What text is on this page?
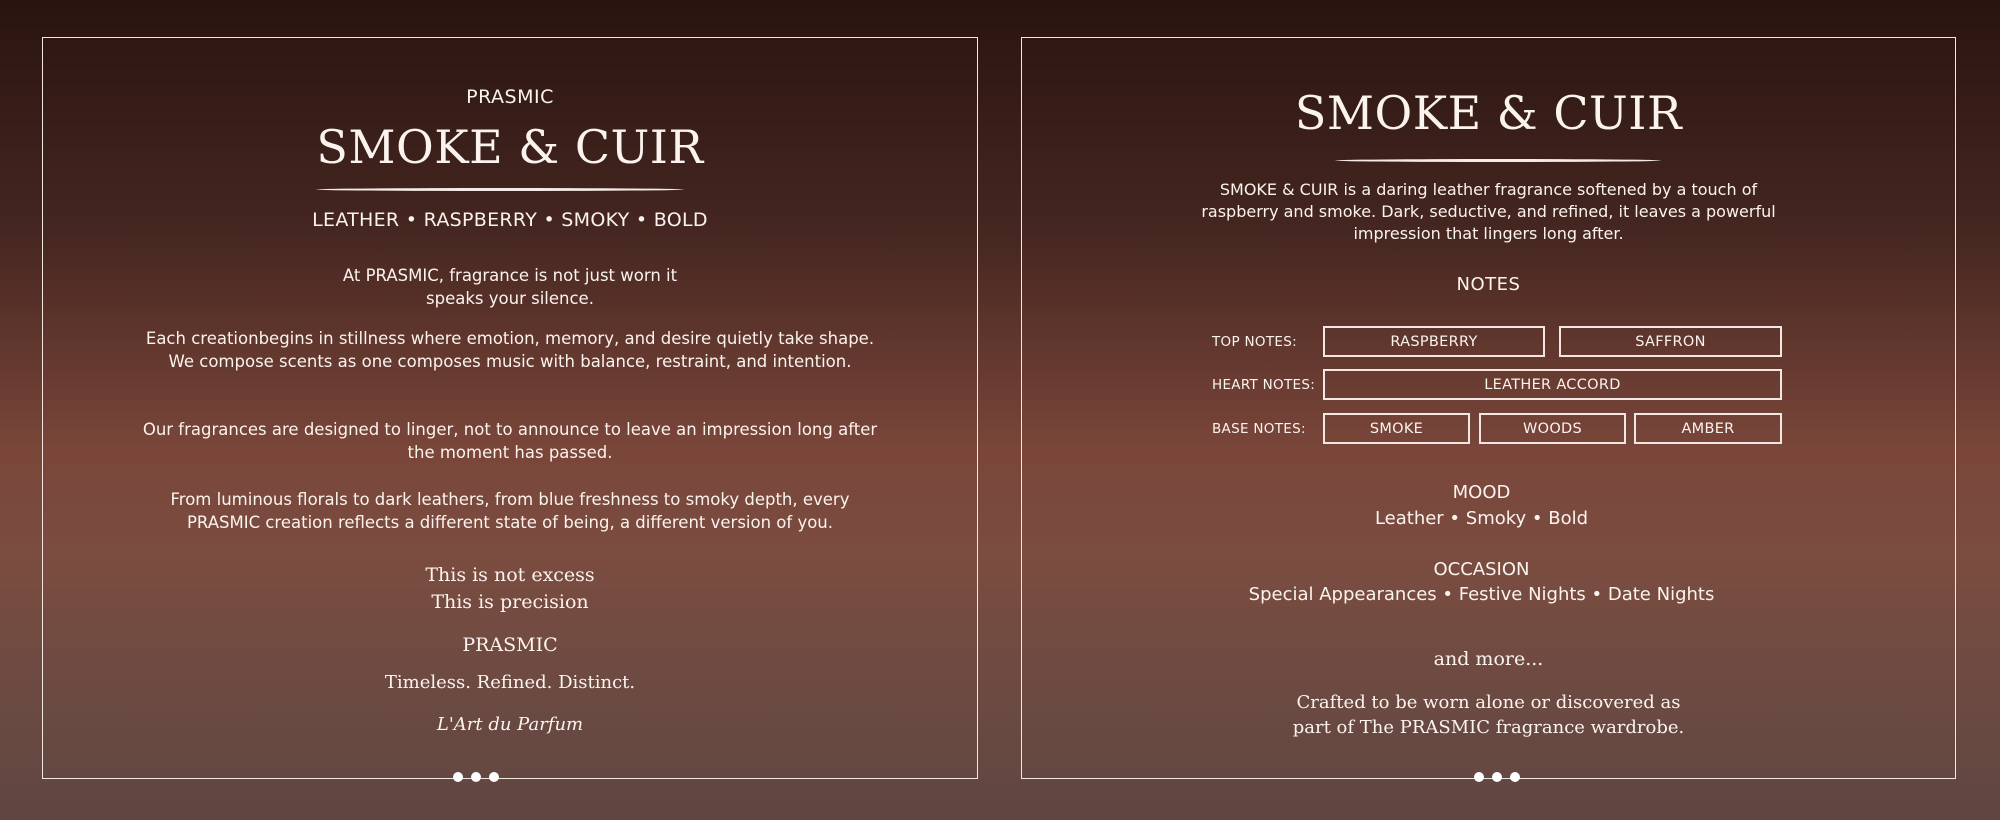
PRASMIC
SMOKE & CUIR
LEATHER • RASPBERRY • SMOKY • BOLD
At PRASMIC, fragrance is not just worn it
speaks your silence.
Each creationbegins in stillness where emotion, memory, and desire quietly take shape. We compose scents as one composes music with balance, restraint, and intention.
Our fragrances are designed to linger, not to announce to leave an impression long after the moment has passed.
From luminous florals to dark leathers, from blue freshness to smoky depth, every PRASMIC creation reflects a different state of being, a different version of you.
This is not excess
This is precision
PRASMIC
Timeless. Refined. Distinct.
L'Art du Parfum
SMOKE & CUIR
SMOKE & CUIR is a daring leather fragrance softened by a touch of raspberry and smoke. Dark, seductive, and refined, it leaves a powerful impression that lingers long after.
NOTES
TOP NOTES:	RASPBERRY	SAFFRON
HEART NOTES:	LEATHER ACCORD
BASE NOTES:	SMOKE	WOODS	AMBER
MOOD
Leather • Smoky • Bold
OCCASION
Special Appearances • Festive Nights • Date Nights
and more...
Crafted to be worn alone or discovered as
part of The PRASMIC fragrance wardrobe.
